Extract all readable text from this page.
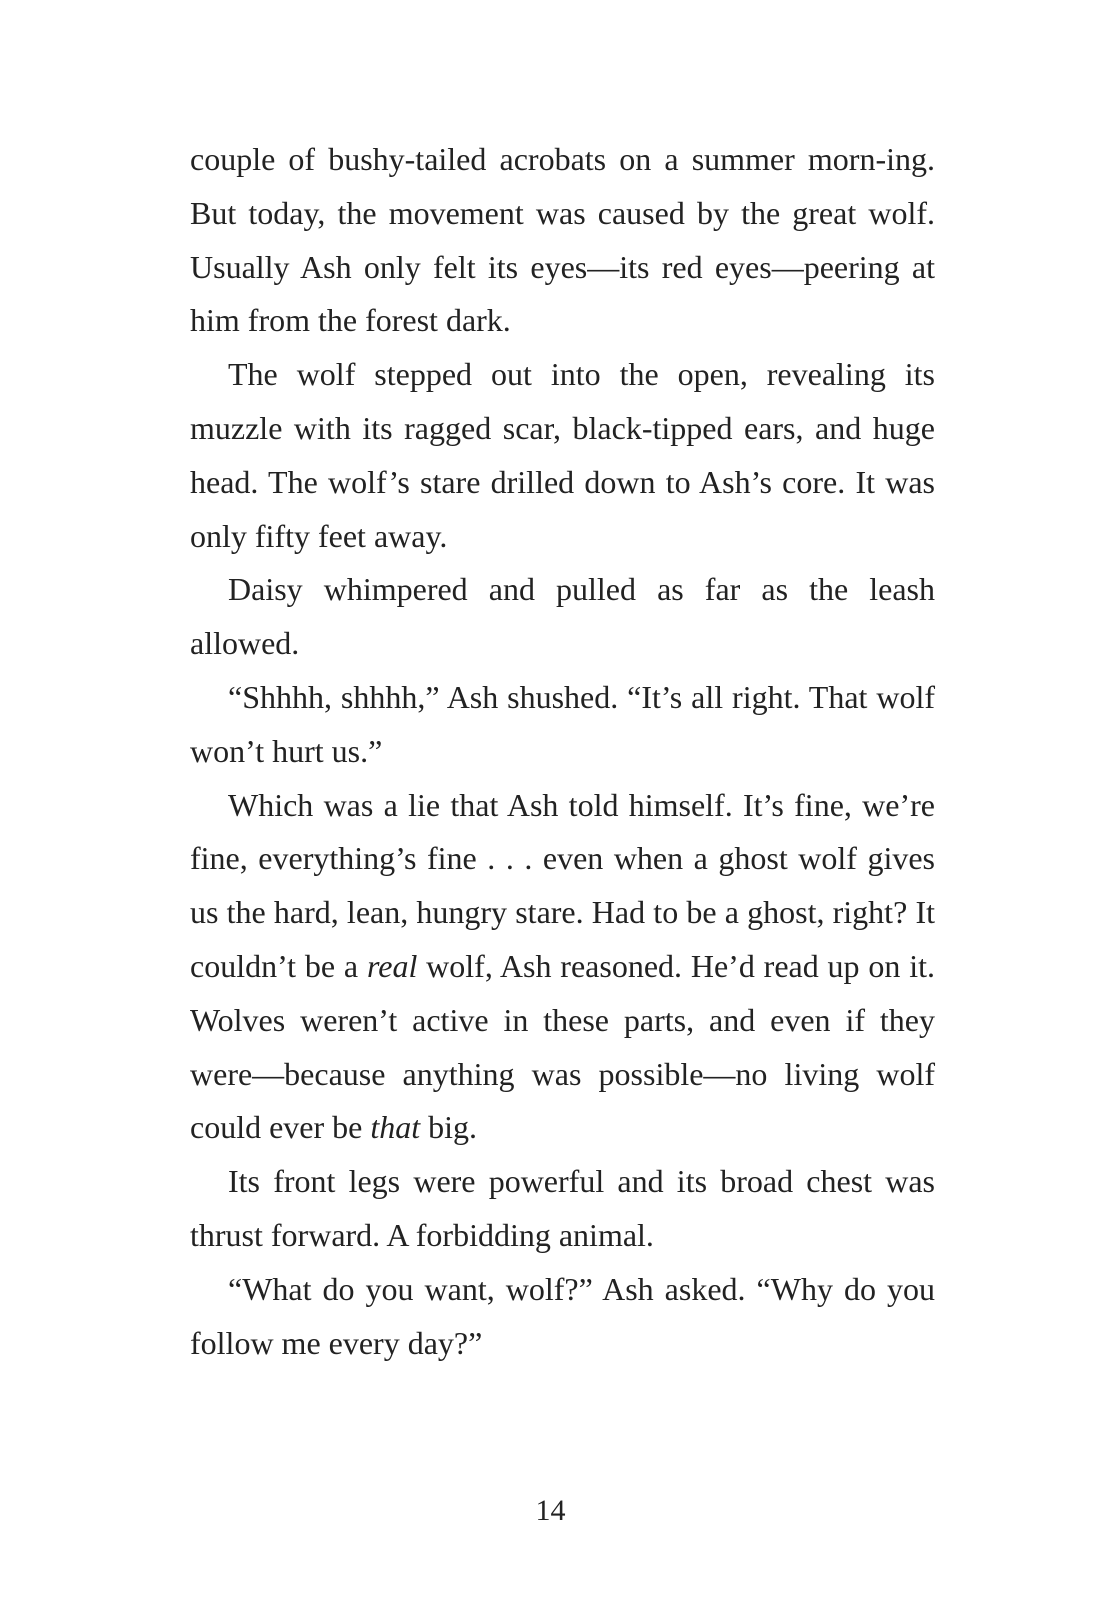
couple of bushy-tailed acrobats on a summer morn-ing. But today, the movement was caused by the great wolf. Usually Ash only felt its eyes—its red eyes—peering at him from the forest dark.

The wolf stepped out into the open, revealing its muzzle with its ragged scar, black-tipped ears, and huge head. The wolf’s stare drilled down to Ash’s core. It was only fifty feet away.

Daisy whimpered and pulled as far as the leash allowed.

“Shhhh, shhhh,” Ash shushed. “It’s all right. That wolf won’t hurt us.”

Which was a lie that Ash told himself. It’s fine, we’re fine, everything’s fine . . . even when a ghost wolf gives us the hard, lean, hungry stare. Had to be a ghost, right? It couldn’t be a real wolf, Ash reasoned. He’d read up on it. Wolves weren’t active in these parts, and even if they were—because anything was possible—no living wolf could ever be that big.

Its front legs were powerful and its broad chest was thrust forward. A forbidding animal.

“What do you want, wolf?” Ash asked. “Why do you follow me every day?”

14
